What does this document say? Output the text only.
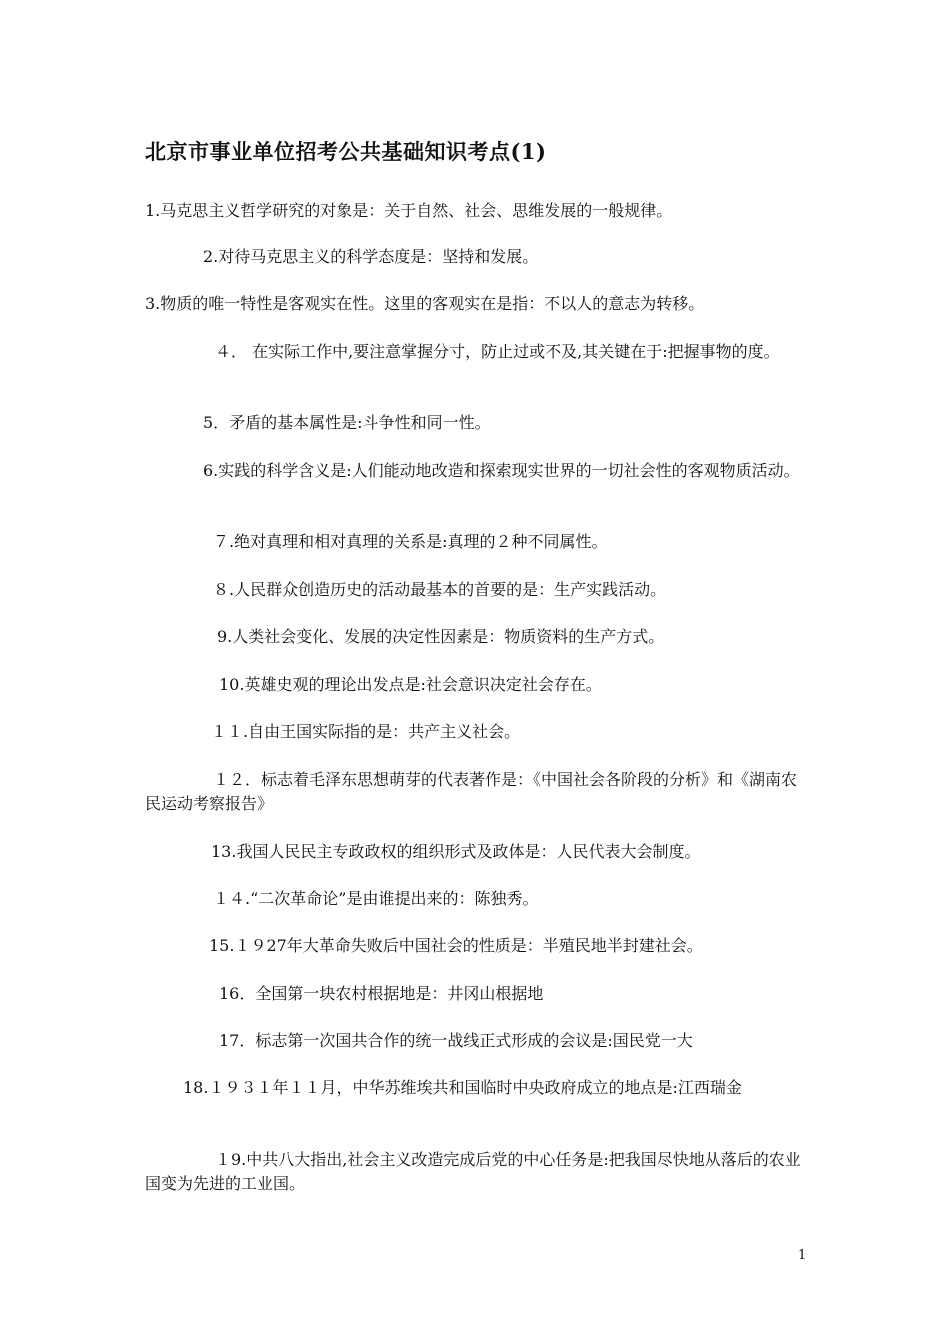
北京市事业单位招考公共基础知识考点(1)
1.马克思主义哲学研究的对象是：关于自然、社会、思维发展的一般规律。
2.对待马克思主义的科学态度是：坚持和发展。
3.物质的唯一特性是客观实在性。这里的客观实在是指：不以人的意志为转移。
４． 在实际工作中,要注意掌握分寸，防止过或不及,其关键在于:把握事物的度。
5．矛盾的基本属性是:斗争性和同一性。
6.实践的科学含义是:人们能动地改造和探索现实世界的一切社会性的客观物质活动。
７.绝对真理和相对真理的关系是:真理的２种不同属性。
８.人民群众创造历史的活动最基本的首要的是：生产实践活动。
9.人类社会变化、发展的决定性因素是：物质资料的生产方式。
10.英雄史观的理论出发点是:社会意识决定社会存在。
１１.自由王国实际指的是：共产主义社会。
１２．标志着毛泽东思想萌芽的代表著作是：《中国社会各阶段的分析》和《湖南农民运动考察报告》
13.我国人民民主专政政权的组织形式及政体是：人民代表大会制度。
１４.“二次革命论”是由谁提出来的：陈独秀。
15.１９27年大革命失败后中国社会的性质是：半殖民地半封建社会。
16．全国第一块农村根据地是：井冈山根据地
17．标志第一次国共合作的统一战线正式形成的会议是:国民党一大
18.１９３１年１１月，中华苏维埃共和国临时中央政府成立的地点是:江西瑞金
１9.中共八大指出,社会主义改造完成后党的中心任务是:把我国尽快地从落后的农业国变为先进的工业国。
1
